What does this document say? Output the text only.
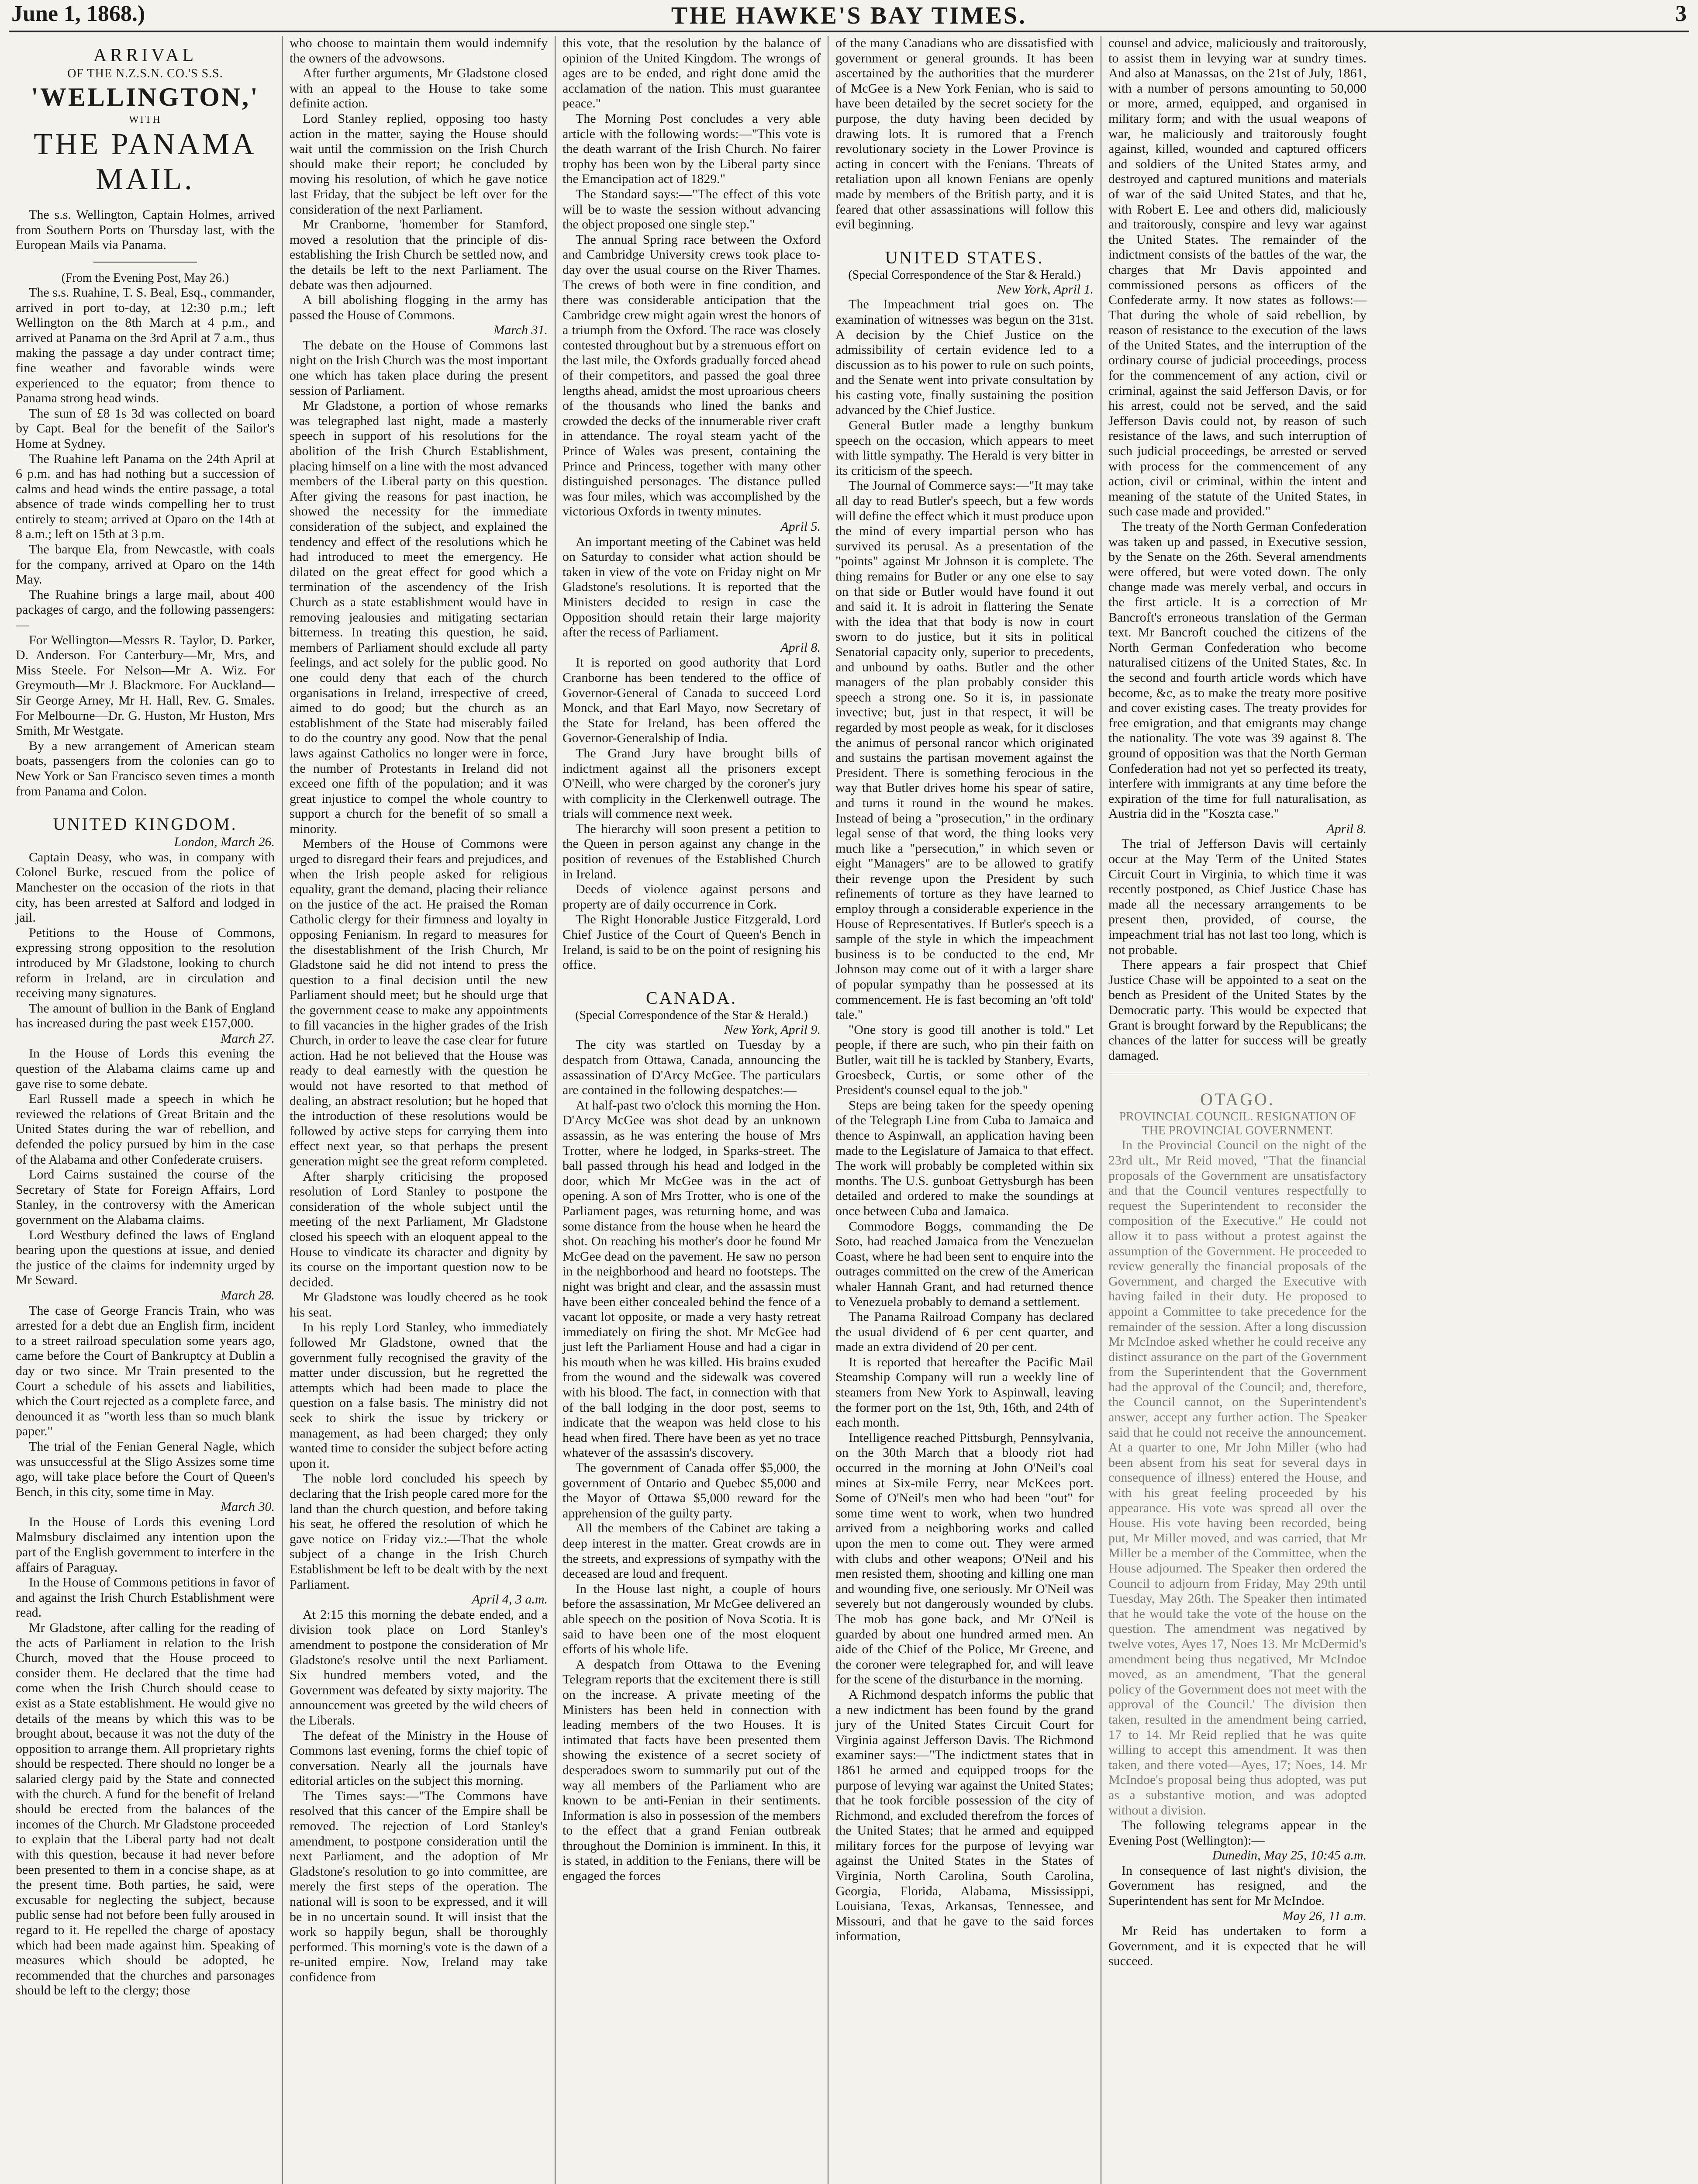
June 1, 1868.)	THE HAWKE'S BAY TIMES.	3
ARRIVAL
OF THE N.Z.S.N. CO.'S S.S.
'WELLINGTON,'
WITH
THE PANAMA MAIL.

The s.s. Wellington, Captain Holmes, arrived from Southern Ports on Thursday last, with the European Mails via Panama.

(From the Evening Post, May 26.)

The s.s. Ruahine, T. S. Beal, Esq., commander, arrived in port to-day, at 12:30 p.m.; left Wellington on the 8th March at 4 p.m., and arrived at Panama on the 3rd April at 7 a.m., thus making the passage a day under contract time; fine weather and favorable winds were experienced to the equator; from thence to Panama strong head winds.

The sum of £8 1s 3d was collected on board by Capt. Beal for the benefit of the Sailor's Home at Sydney.

The Ruahine left Panama on the 24th April at 6 p.m. and has had nothing but a succession of calms and head winds the entire passage, a total absence of trade winds compelling her to trust entirely to steam; arrived at Oparo on the 14th at 8 a.m.; left on 15th at 3 p.m.

The barque Ela, from Newcastle, with coals for the company, arrived at Oparo on the 14th May.

The Ruahine brings a large mail, about 400 packages of cargo, and the following passengers:—

For Wellington—Messrs R. Taylor, D. Parker, D. Anderson. For Canterbury—Mr, Mrs, and Miss Steele. For Nelson—Mr A. Wiz. For Greymouth—Mr J. Blackmore. For Auckland—Sir George Arney, Mr H. Hall, Rev. G. Smales. For Melbourne—Dr. G. Huston, Mr Huston, Mrs Smith, Mr Westgate.

By a new arrangement of American steam boats, passengers from the colonies can go to New York or San Francisco seven times a month from Panama and Colon.

UNITED KINGDOM.

London, March 26.

Captain Deasy, who was, in company with Colonel Burke, rescued from the police of Manchester on the occasion of the riots in that city, has been arrested at Salford and lodged in jail.

Petitions to the House of Commons, expressing strong opposition to the resolution introduced by Mr Gladstone, looking to church reform in Ireland, are in circulation and receiving many signatures.

The amount of bullion in the Bank of England has increased during the past week £157,000.

March 27.

In the House of Lords this evening the question of the Alabama claims came up and gave rise to some debate.

Earl Russell made a speech in which he reviewed the relations of Great Britain and the United States during the war of rebellion, and defended the policy pursued by him in the case of the Alabama and other Confederate cruisers.

Lord Cairns sustained the course of the Secretary of State for Foreign Affairs, Lord Stanley, in the controversy with the American government on the Alabama claims.

Lord Westbury defined the laws of England bearing upon the questions at issue, and denied the justice of the claims for indemnity urged by Mr Seward.

March 28.

The case of George Francis Train, who was arrested for a debt due an English firm, incident to a street railroad speculation some years ago, came before the Court of Bankruptcy at Dublin a day or two since. Mr Train presented to the Court a schedule of his assets and liabilities, which the Court rejected as a complete farce, and denounced it as "worth less than so much blank paper."

The trial of the Fenian General Nagle, which was unsuccessful at the Sligo Assizes some time ago, will take place before the Court of Queen's Bench, in this city, some time in May.

March 30.

In the House of Lords this evening Lord Malmsbury disclaimed any intention upon the part of the English government to interfere in the affairs of Paraguay.

In the House of Commons petitions in favor of and against the Irish Church Establishment were read.

Mr Gladstone, after calling for the reading of the acts of Parliament in relation to the Irish Church, moved that the House proceed to consider them. He declared that the time had come when the Irish Church should cease to exist as a State establishment. He would give no details of the means by which this was to be brought about, because it was not the duty of the opposition to arrange them. All proprietary rights should be respected. There should no longer be a salaried clergy paid by the State and connected with the church. A fund for the benefit of Ireland should be erected from the balances of the incomes of the Church. Mr Gladstone proceeded to explain that the Liberal party had not dealt with this question, because it had never before been presented to them in a concise shape, as at the present time. Both parties, he said, were excusable for neglecting the subject, because public sense had not before been fully aroused in regard to it. He repelled the charge of apostacy which had been made against him. Speaking of measures which should be adopted, he recommended that the churches and parsonages should be left to the clergy; those

who choose to maintain them would indemnify the owners of the advowsons.

After further arguments, Mr Gladstone closed with an appeal to the House to take some definite action.

Lord Stanley replied, opposing too hasty action in the matter, saying the House should wait until the commission on the Irish Church should make their report; he concluded by moving his resolution, of which he gave notice last Friday, that the subject be left over for the consideration of the next Parliament.

Mr Cranborne, 'homember for Stamford, moved a resolution that the principle of dis-establishing the Irish Church be settled now, and the details be left to the next Parliament. The debate was then adjourned.

A bill abolishing flogging in the army has passed the House of Commons.

March 31.

The debate on the House of Commons last night on the Irish Church was the most important one which has taken place during the present session of Parliament.

Mr Gladstone, a portion of whose remarks was telegraphed last night, made a masterly speech in support of his resolutions for the abolition of the Irish Church Establishment, placing himself on a line with the most advanced members of the Liberal party on this question. After giving the reasons for past inaction, he showed the necessity for the immediate consideration of the subject, and explained the tendency and effect of the resolutions which he had introduced to meet the emergency. He dilated on the great effect for good which a termination of the ascendency of the Irish Church as a state establishment would have in removing jealousies and mitigating sectarian bitterness. In treating this question, he said, members of Parliament should exclude all party feelings, and act solely for the public good. No one could deny that each of the church organisations in Ireland, irrespective of creed, aimed to do good; but the church as an establishment of the State had miserably failed to do the country any good. Now that the penal laws against Catholics no longer were in force, the number of Protestants in Ireland did not exceed one fifth of the population; and it was great injustice to compel the whole country to support a church for the benefit of so small a minority.

Members of the House of Commons were urged to disregard their fears and prejudices, and when the Irish people asked for religious equality, grant the demand, placing their reliance on the justice of the act. He praised the Roman Catholic clergy for their firmness and loyalty in opposing Fenianism. In regard to measures for the disestablishment of the Irish Church, Mr Gladstone said he did not intend to press the question to a final decision until the new Parliament should meet; but he should urge that the government cease to make any appointments to fill vacancies in the higher grades of the Irish Church, in order to leave the case clear for future action. Had he not believed that the House was ready to deal earnestly with the question he would not have resorted to that method of dealing, an abstract resolution; but he hoped that the introduction of these resolutions would be followed by active steps for carrying them into effect next year, so that perhaps the present generation might see the great reform completed.

After sharply criticising the proposed resolution of Lord Stanley to postpone the consideration of the whole subject until the meeting of the next Parliament, Mr Gladstone closed his speech with an eloquent appeal to the House to vindicate its character and dignity by its course on the important question now to be decided.

Mr Gladstone was loudly cheered as he took his seat.

In his reply Lord Stanley, who immediately followed Mr Gladstone, owned that the government fully recognised the gravity of the matter under discussion, but he regretted the attempts which had been made to place the question on a false basis. The ministry did not seek to shirk the issue by trickery or management, as had been charged; they only wanted time to consider the subject before acting upon it.

The noble lord concluded his speech by declaring that the Irish people cared more for the land than the church question, and before taking his seat, he offered the resolution of which he gave notice on Friday viz.:—That the whole subject of a change in the Irish Church Establishment be left to be dealt with by the next Parliament.

April 4, 3 a.m.

At 2:15 this morning the debate ended, and a division took place on Lord Stanley's amendment to postpone the consideration of Mr Gladstone's resolve until the next Parliament. Six hundred members voted, and the Government was defeated by sixty majority. The announcement was greeted by the wild cheers of the Liberals.

The defeat of the Ministry in the House of Commons last evening, forms the chief topic of conversation. Nearly all the journals have editorial articles on the subject this morning.

The Times says:—"The Commons have resolved that this cancer of the Empire shall be removed. The rejection of Lord Stanley's amendment, to postpone consideration until the next Parliament, and the adoption of Mr Gladstone's resolution to go into committee, are merely the first steps of the operation. The national will is soon to be expressed, and it will be in no uncertain sound. It will insist that the work so happily begun, shall be thoroughly performed. This morning's vote is the dawn of a re-united empire. Now, Ireland may take confidence from

this vote, that the resolution by the balance of opinion of the United Kingdom. The wrongs of ages are to be ended, and right done amid the acclamation of the nation. This must guarantee peace."

The Morning Post concludes a very able article with the following words:—"This vote is the death warrant of the Irish Church. No fairer trophy has been won by the Liberal party since the Emancipation act of 1829."

The Standard says:—"The effect of this vote will be to waste the session without advancing the object proposed one single step."

The annual Spring race between the Oxford and Cambridge University crews took place to-day over the usual course on the River Thames. The crews of both were in fine condition, and there was considerable anticipation that the Cambridge crew might again wrest the honors of a triumph from the Oxford. The race was closely contested throughout but by a strenuous effort on the last mile, the Oxfords gradually forced ahead of their competitors, and passed the goal three lengths ahead, amidst the most uproarious cheers of the thousands who lined the banks and crowded the decks of the innumerable river craft in attendance. The royal steam yacht of the Prince of Wales was present, containing the Prince and Princess, together with many other distinguished personages. The distance pulled was four miles, which was accomplished by the victorious Oxfords in twenty minutes.

April 5.

An important meeting of the Cabinet was held on Saturday to consider what action should be taken in view of the vote on Friday night on Mr Gladstone's resolutions. It is reported that the Ministers decided to resign in case the Opposition should retain their large majority after the recess of Parliament.

April 8.

It is reported on good authority that Lord Cranborne has been tendered to the office of Governor-General of Canada to succeed Lord Monck, and that Earl Mayo, now Secretary of the State for Ireland, has been offered the Governor-Generalship of India.

The Grand Jury have brought bills of indictment against all the prisoners except O'Neill, who were charged by the coroner's jury with complicity in the Clerkenwell outrage. The trials will commence next week.

The hierarchy will soon present a petition to the Queen in person against any change in the position of revenues of the Established Church in Ireland.

Deeds of violence against persons and property are of daily occurrence in Cork.

The Right Honorable Justice Fitzgerald, Lord Chief Justice of the Court of Queen's Bench in Ireland, is said to be on the point of resigning his office.

CANADA.

(Special Correspondence of the Star & Herald.)

New York, April 9.

The city was startled on Tuesday by a despatch from Ottawa, Canada, announcing the assassination of D'Arcy McGee. The particulars are contained in the following despatches:—

At half-past two o'clock this morning the Hon. D'Arcy McGee was shot dead by an unknown assassin, as he was entering the house of Mrs Trotter, where he lodged, in Sparks-street. The ball passed through his head and lodged in the door, which Mr McGee was in the act of opening. A son of Mrs Trotter, who is one of the Parliament pages, was returning home, and was some distance from the house when he heard the shot. On reaching his mother's door he found Mr McGee dead on the pavement. He saw no person in the neighborhood and heard no footsteps. The night was bright and clear, and the assassin must have been either concealed behind the fence of a vacant lot opposite, or made a very hasty retreat immediately on firing the shot. Mr McGee had just left the Parliament House and had a cigar in his mouth when he was killed. His brains exuded from the wound and the sidewalk was covered with his blood. The fact, in connection with that of the ball lodging in the door post, seems to indicate that the weapon was held close to his head when fired. There have been as yet no trace whatever of the assassin's discovery.

The government of Canada offer $5,000, the government of Ontario and Quebec $5,000 and the Mayor of Ottawa $5,000 reward for the apprehension of the guilty party.

All the members of the Cabinet are taking a deep interest in the matter. Great crowds are in the streets, and expressions of sympathy with the deceased are loud and frequent.

In the House last night, a couple of hours before the assassination, Mr McGee delivered an able speech on the position of Nova Scotia. It is said to have been one of the most eloquent efforts of his whole life.

A despatch from Ottawa to the Evening Telegram reports that the excitement there is still on the increase. A private meeting of the Ministers has been held in connection with leading members of the two Houses. It is intimated that facts have been presented them showing the existence of a secret society of desperadoes sworn to summarily put out of the way all members of the Parliament who are known to be anti-Fenian in their sentiments. Information is also in possession of the members to the effect that a grand Fenian outbreak throughout the Dominion is imminent. In this, it is stated, in addition to the Fenians, there will be engaged the forces

of the many Canadians who are dissatisfied with government or general grounds. It has been ascertained by the authorities that the murderer of McGee is a New York Fenian, who is said to have been detailed by the secret society for the purpose, the duty having been decided by drawing lots. It is rumored that a French revolutionary society in the Lower Province is acting in concert with the Fenians. Threats of retaliation upon all known Fenians are openly made by members of the British party, and it is feared that other assassinations will follow this evil beginning.

UNITED STATES.

(Special Correspondence of the Star & Herald.)

New York, April 1.

The Impeachment trial goes on. The examination of witnesses was begun on the 31st. A decision by the Chief Justice on the admissibility of certain evidence led to a discussion as to his power to rule on such points, and the Senate went into private consultation by his casting vote, finally sustaining the position advanced by the Chief Justice.

General Butler made a lengthy bunkum speech on the occasion, which appears to meet with little sympathy. The Herald is very bitter in its criticism of the speech.

The Journal of Commerce says:—"It may take all day to read Butler's speech, but a few words will define the effect which it must produce upon the mind of every impartial person who has survived its perusal. As a presentation of the "points" against Mr Johnson it is complete. The thing remains for Butler or any one else to say on that side or Butler would have found it out and said it. It is adroit in flattering the Senate with the idea that that body is now in court sworn to do justice, but it sits in political Senatorial capacity only, superior to precedents, and unbound by oaths. Butler and the other managers of the plan probably consider this speech a strong one. So it is, in passionate invective; but, just in that respect, it will be regarded by most people as weak, for it discloses the animus of personal rancor which originated and sustains the partisan movement against the President. There is something ferocious in the way that Butler drives home his spear of satire, and turns it round in the wound he makes. Instead of being a "prosecution," in the ordinary legal sense of that word, the thing looks very much like a "persecution," in which seven or eight "Managers" are to be allowed to gratify their revenge upon the President by such refinements of torture as they have learned to employ through a considerable experience in the House of Representatives. If Butler's speech is a sample of the style in which the impeachment business is to be conducted to the end, Mr Johnson may come out of it with a larger share of popular sympathy than he possessed at its commencement. He is fast becoming an 'oft told' tale."

"One story is good till another is told." Let people, if there are such, who pin their faith on Butler, wait till he is tackled by Stanbery, Evarts, Groesbeck, Curtis, or some other of the President's counsel equal to the job."

Steps are being taken for the speedy opening of the Telegraph Line from Cuba to Jamaica and thence to Aspinwall, an application having been made to the Legislature of Jamaica to that effect. The work will probably be completed within six months. The U.S. gunboat Gettysburgh has been detailed and ordered to make the soundings at once between Cuba and Jamaica.

Commodore Boggs, commanding the De Soto, had reached Jamaica from the Venezuelan Coast, where he had been sent to enquire into the outrages committed on the crew of the American whaler Hannah Grant, and had returned thence to Venezuela probably to demand a settlement.

The Panama Railroad Company has declared the usual dividend of 6 per cent quarter, and made an extra dividend of 20 per cent.

It is reported that hereafter the Pacific Mail Steamship Company will run a weekly line of steamers from New York to Aspinwall, leaving the former port on the 1st, 9th, 16th, and 24th of each month.

Intelligence reached Pittsburgh, Pennsylvania, on the 30th March that a bloody riot had occurred in the morning at John O'Neil's coal mines at Six-mile Ferry, near McKees port. Some of O'Neil's men who had been "out" for some time went to work, when two hundred arrived from a neighboring works and called upon the men to come out. They were armed with clubs and other weapons; O'Neil and his men resisted them, shooting and killing one man and wounding five, one seriously. Mr O'Neil was severely but not dangerously wounded by clubs. The mob has gone back, and Mr O'Neil is guarded by about one hundred armed men. An aide of the Chief of the Police, Mr Greene, and the coroner were telegraphed for, and will leave for the scene of the disturbance in the morning.

A Richmond despatch informs the public that a new indictment has been found by the grand jury of the United States Circuit Court for Virginia against Jefferson Davis. The Richmond examiner says:—"The indictment states that in 1861 he armed and equipped troops for the purpose of levying war against the United States; that he took forcible possession of the city of Richmond, and excluded therefrom the forces of the United States; that he armed and equipped military forces for the purpose of levying war against the United States in the States of Virginia, North Carolina, South Carolina, Georgia, Florida, Alabama, Mississippi, Louisiana, Texas, Arkansas, Tennessee, and Missouri, and that he gave to the said forces information,

counsel and advice, maliciously and traitorously, to assist them in levying war at sundry times. And also at Manassas, on the 21st of July, 1861, with a number of persons amounting to 50,000 or more, armed, equipped, and organised in military form; and with the usual weapons of war, he maliciously and traitorously fought against, killed, wounded and captured officers and soldiers of the United States army, and destroyed and captured munitions and materials of war of the said United States, and that he, with Robert E. Lee and others did, maliciously and traitorously, conspire and levy war against the United States. The remainder of the indictment consists of the battles of the war, the charges that Mr Davis appointed and commissioned persons as officers of the Confederate army. It now states as follows:—That during the whole of said rebellion, by reason of resistance to the execution of the laws of the United States, and the interruption of the ordinary course of judicial proceedings, process for the commencement of any action, civil or criminal, against the said Jefferson Davis, or for his arrest, could not be served, and the said Jefferson Davis could not, by reason of such resistance of the laws, and such interruption of such judicial proceedings, be arrested or served with process for the commencement of any action, civil or criminal, within the intent and meaning of the statute of the United States, in such case made and provided."

The treaty of the North German Confederation was taken up and passed, in Executive session, by the Senate on the 26th. Several amendments were offered, but were voted down. The only change made was merely verbal, and occurs in the first article. It is a correction of Mr Bancroft's erroneous translation of the German text. Mr Bancroft couched the citizens of the North German Confederation who become naturalised citizens of the United States, &c. In the second and fourth article words which have become, &c, as to make the treaty more positive and cover existing cases. The treaty provides for free emigration, and that emigrants may change the nationality. The vote was 39 against 8. The ground of opposition was that the North German Confederation had not yet so perfected its treaty, interfere with immigrants at any time before the expiration of the time for full naturalisation, as Austria did in the "Koszta case."

April 8.

The trial of Jefferson Davis will certainly occur at the May Term of the United States Circuit Court in Virginia, to which time it was recently postponed, as Chief Justice Chase has made all the necessary arrangements to be present then, provided, of course, the impeachment trial has not last too long, which is not probable.

There appears a fair prospect that Chief Justice Chase will be appointed to a seat on the bench as President of the United States by the Democratic party. This would be expected that Grant is brought forward by the Republicans; the chances of the latter for success will be greatly damaged.

OTAGO.

PROVINCIAL COUNCIL. RESIGNATION OF THE PROVINCIAL GOVERNMENT.

In the Provincial Council on the night of the 23rd ult., Mr Reid moved, "That the financial proposals of the Government are unsatisfactory and that the Council ventures respectfully to request the Superintendent to reconsider the composition of the Executive." He could not allow it to pass without a protest against the assumption of the Government. He proceeded to review generally the financial proposals of the Government, and charged the Executive with having failed in their duty. He proposed to appoint a Committee to take precedence for the remainder of the session. After a long discussion Mr McIndoe asked whether he could receive any distinct assurance on the part of the Government from the Superintendent that the Government had the approval of the Council; and, therefore, the Council cannot, on the Superintendent's answer, accept any further action. The Speaker said that he could not receive the announcement. At a quarter to one, Mr John Miller (who had been absent from his seat for several days in consequence of illness) entered the House, and with his great feeling proceeded by his appearance. His vote was spread all over the House. His vote having been recorded, being put, Mr Miller moved, and was carried, that Mr Miller be a member of the Committee, when the House adjourned. The Speaker then ordered the Council to adjourn from Friday, May 29th until Tuesday, May 26th. The Speaker then intimated that he would take the vote of the house on the question. The amendment was negatived by twelve votes, Ayes 17, Noes 13. Mr McDermid's amendment being thus negatived, Mr McIndoe moved, as an amendment, 'That the general policy of the Government does not meet with the approval of the Council.' The division then taken, resulted in the amendment being carried, 17 to 14. Mr Reid replied that he was quite willing to accept this amendment. It was then taken, and there voted—Ayes, 17; Noes, 14. Mr McIndoe's proposal being thus adopted, was put as a substantive motion, and was adopted without a division.

The following telegrams appear in the Evening Post (Wellington):—

Dunedin, May 25, 10:45 a.m.

In consequence of last night's division, the Government has resigned, and the Superintendent has sent for Mr McIndoe.

May 26, 11 a.m.

Mr Reid has undertaken to form a Government, and it is expected that he will succeed.
